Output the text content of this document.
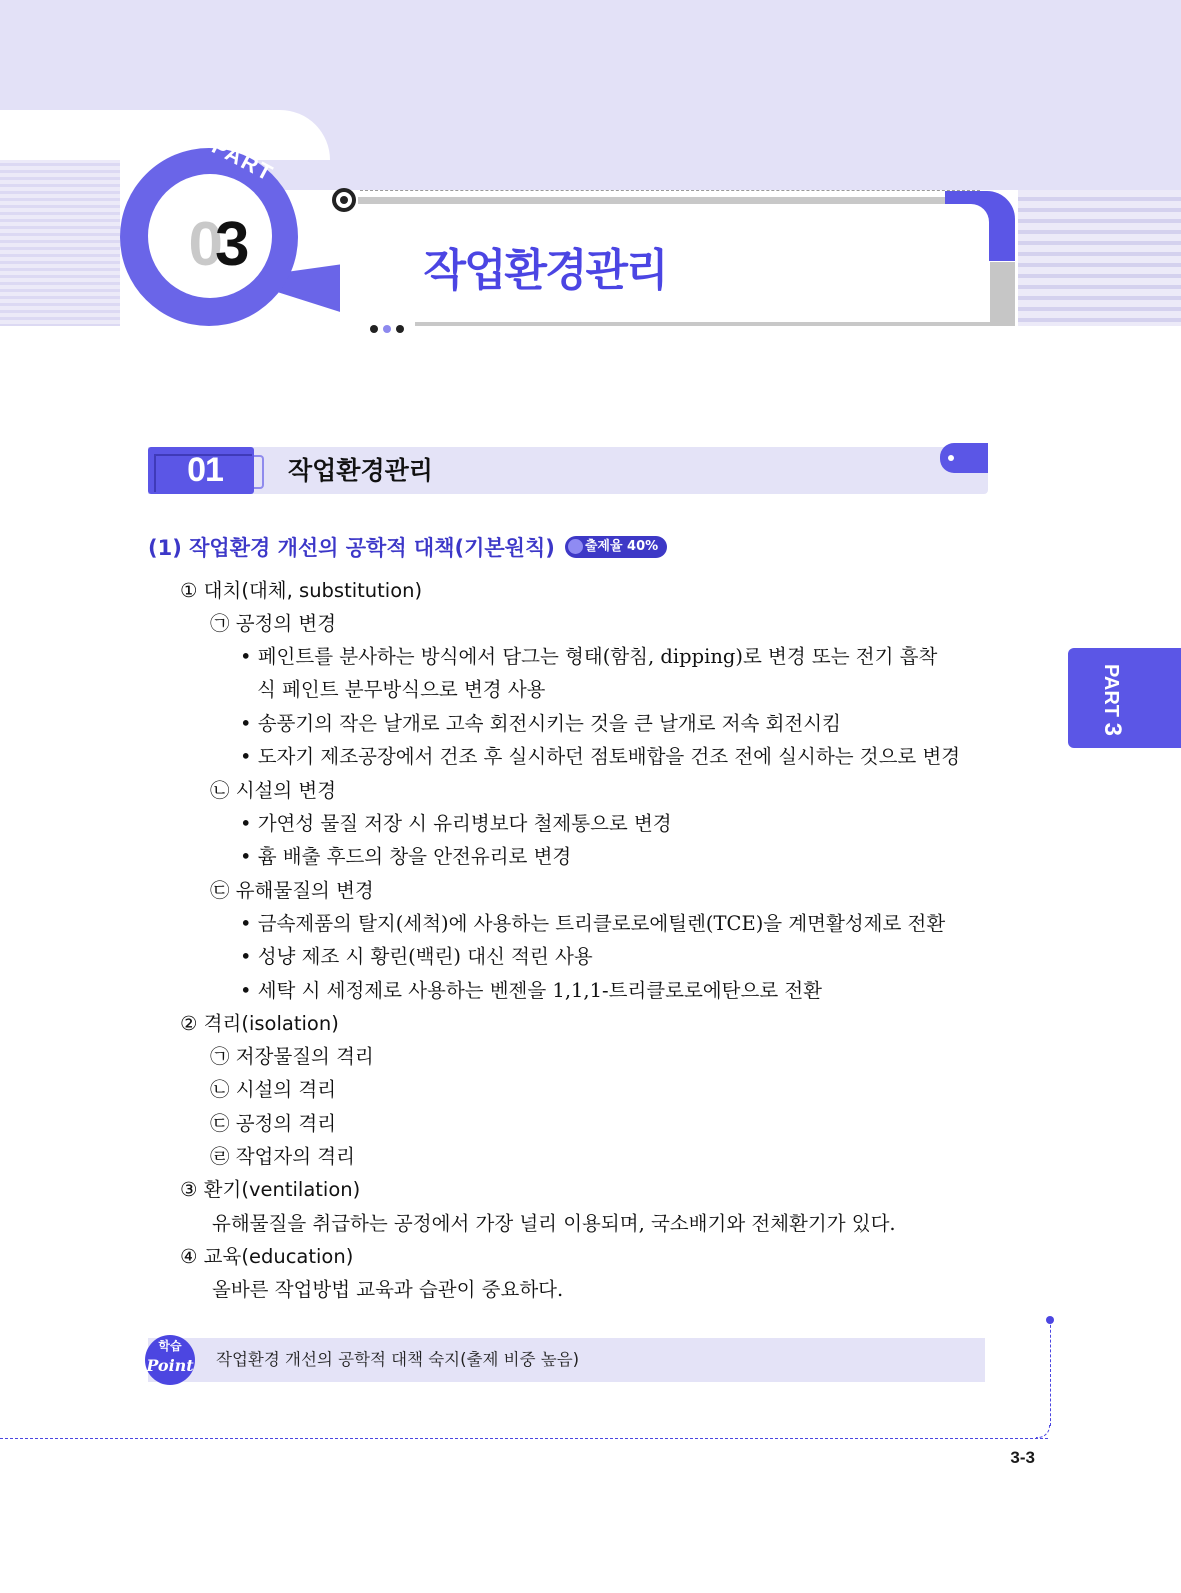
PART
03	작업환경관리
PART 3
01	작업환경관리
(1) 작업환경 개선의 공학적 대책(기본원칙) 출제율 40%
① 대치(대체, substitution)
㉠ 공정의 변경
• 페인트를 분사하는 방식에서 담그는 형태(함침, dipping)로 변경 또는 전기 흡착
식 페인트 분무방식으로 변경 사용
• 송풍기의 작은 날개로 고속 회전시키는 것을 큰 날개로 저속 회전시킴
• 도자기 제조공장에서 건조 후 실시하던 점토배합을 건조 전에 실시하는 것으로 변경
㉡ 시설의 변경
• 가연성 물질 저장 시 유리병보다 철제통으로 변경
• 흄 배출 후드의 창을 안전유리로 변경
㉢ 유해물질의 변경
• 금속제품의 탈지(세척)에 사용하는 트리클로로에틸렌(TCE)을 계면활성제로 전환
• 성냥 제조 시 황린(백린) 대신 적린 사용
• 세탁 시 세정제로 사용하는 벤젠을 1,1,1-트리클로로에탄으로 전환
② 격리(isolation)
㉠ 저장물질의 격리
㉡ 시설의 격리
㉢ 공정의 격리
㉣ 작업자의 격리
③ 환기(ventilation)
유해물질을 취급하는 공정에서 가장 널리 이용되며, 국소배기와 전체환기가 있다.
④ 교육(education)
올바른 작업방법 교육과 습관이 중요하다.
학습
Point 작업환경 개선의 공학적 대책 숙지(출제 비중 높음)
3-3
